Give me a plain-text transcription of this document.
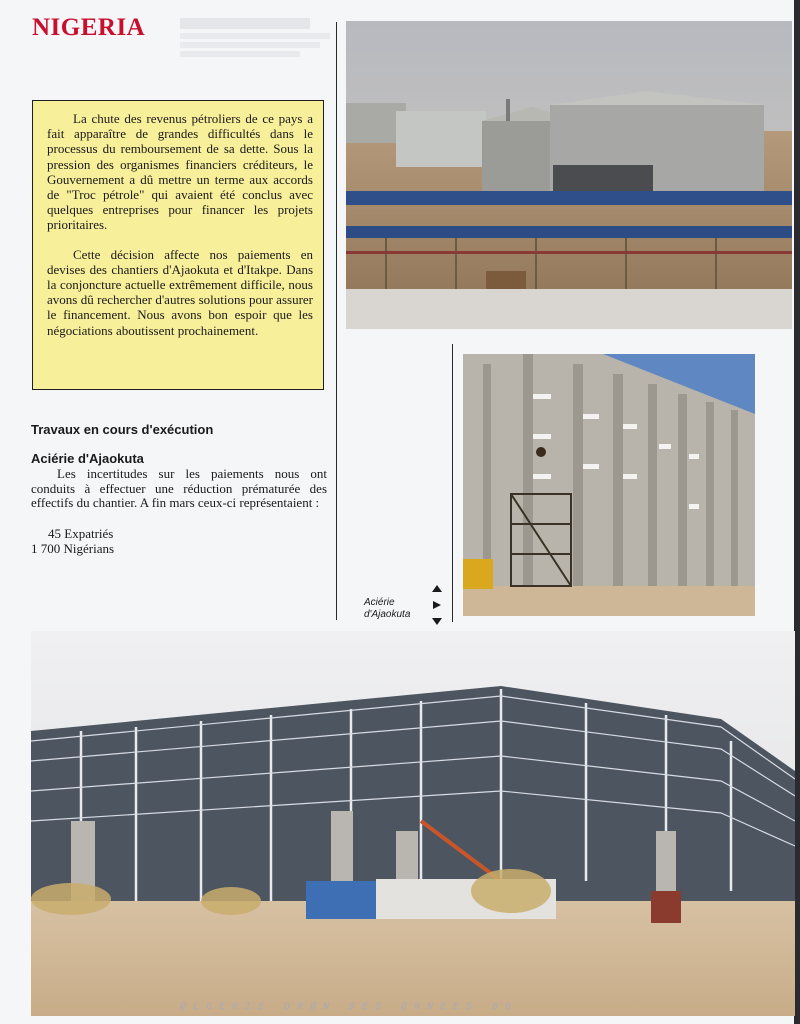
NIGERIA

La chute des revenus pétroliers de ce pays a fait apparaître de grandes difficultés dans le processus du remboursement de sa dette. Sous la pression des organismes financiers créditeurs, le Gouvernement a dû mettre un terme aux accords de "Troc pétrole" qui avaient été conclus avec quelques entreprises pour financer les projets prioritaires.

Cette décision affecte nos paiements en devises des chantiers d'Ajaokuta et d'Itakpe. Dans la conjoncture actuelle extrêmement difficile, nous avons dû rechercher d'autres solutions pour assurer le financement. Nous avons bon espoir que les négociations aboutissent prochainement.

Travaux en cours d'exécution
Aciérie d'Ajaokuta

Les incertitudes sur les paiements nous ont conduits à effectuer une réduction prématurée des effectifs du chantier. A fin mars ceux-ci représentaient :

45 Expatriés
1 700 Nigérians
Aciérie
d'Ajaokuta
@LGERIE OR@N DES @NNEES 80
